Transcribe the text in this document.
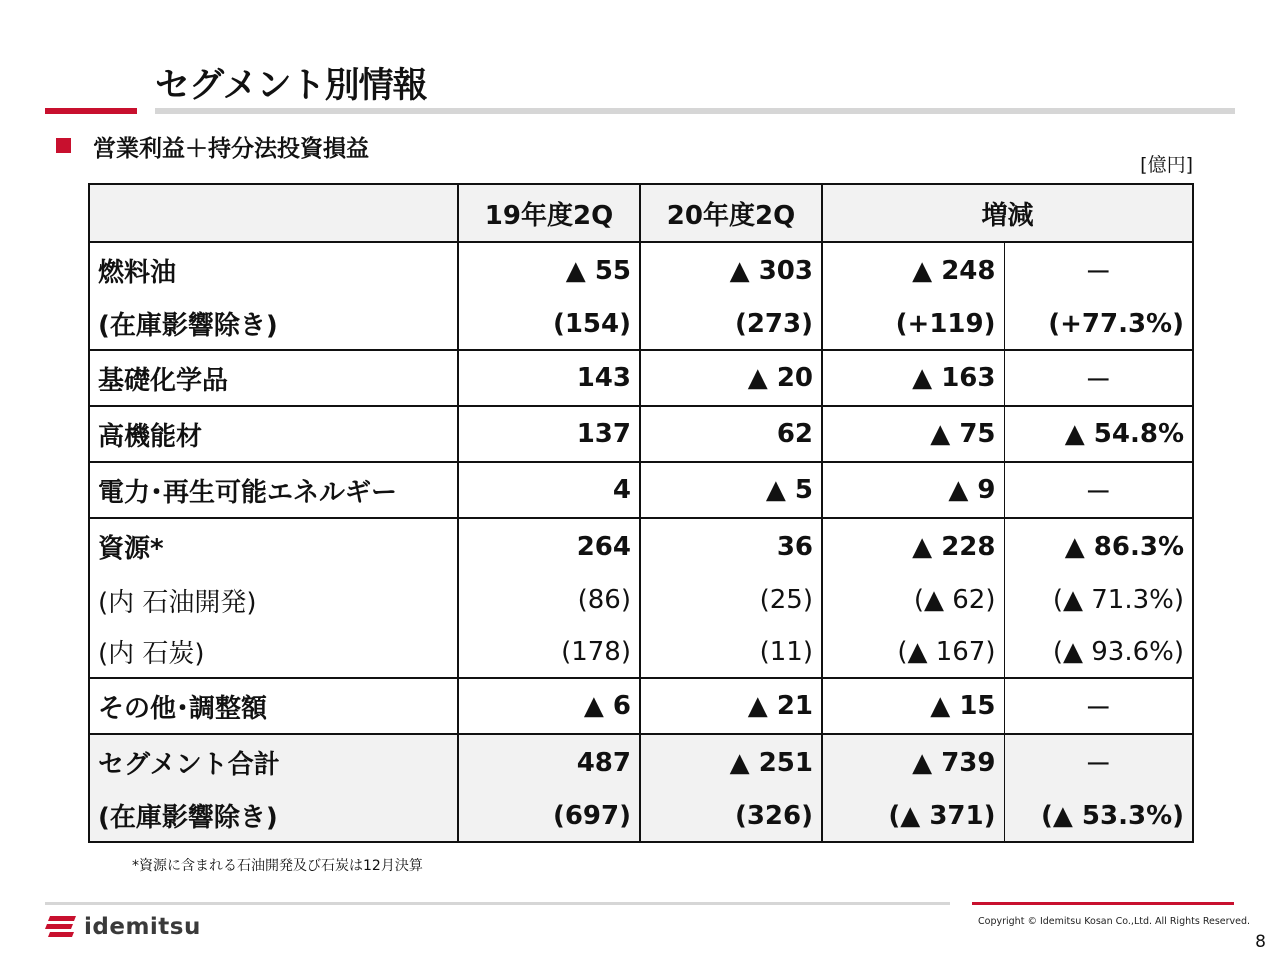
セグメント別情報
営業利益＋持分法投資損益
[億円]
	19年度2Q	20年度2Q	増減	
燃料油	▲ 55	▲ 303	▲ 248	－
(在庫影響除き)	(154)	(273)	(+119)	(+77.3%)
基礎化学品	143	▲ 20	▲ 163	－
高機能材	137	62	▲ 75	▲ 54.8%
電力･再生可能エネルギー	4	▲ 5	▲ 9	－
資源*	264	36	▲ 228	▲ 86.3%
(内 石油開発)	(86)	(25)	(▲ 62)	(▲ 71.3%)
(内 石炭)	(178)	(11)	(▲ 167)	(▲ 93.6%)
その他･調整額	▲ 6	▲ 21	▲ 15	－
セグメント合計	487	▲ 251	▲ 739	－
(在庫影響除き)	(697)	(326)	(▲ 371)	(▲ 53.3%)
*資源に含まれる石油開発及び石炭は12月決算
idemitsu	Copyright © Idemitsu Kosan Co.,Ltd. All Rights Reserved.
8
